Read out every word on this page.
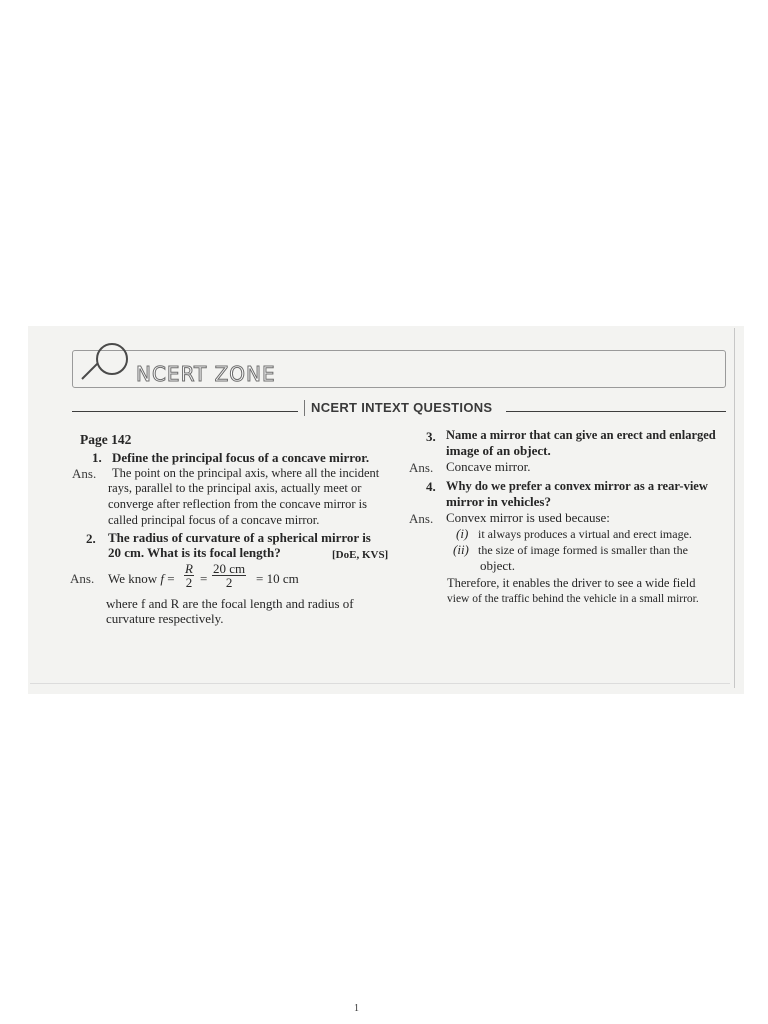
NCERT ZONE
NCERT INTEXT QUESTIONS
Page 142
1. Define the principal focus of a concave mirror.
Ans. The point on the principal axis, where all the incident
rays, parallel to the principal axis, actually meet or
converge after reflection from the concave mirror is
called principal focus of a concave mirror.
2. The radius of curvature of a spherical mirror is
20 cm. What is its focal length?	[DoE, KVS]
Ans. We know $f = \frac{R}{2} = \frac{20 cm}{2} = 10$ cm
where f and R are the focal length and radius of
curvature respectively.
3. Name a mirror that can give an erect and enlarged
image of an object.
Ans. Concave mirror.
4. Why do we prefer a convex mirror as a rear-view
mirror in vehicles?
Ans. Convex mirror is used because:
(i) it always produces a virtual and erect image.
(ii) the size of image formed is smaller than the
object.
Therefore, it enables the driver to see a wide field
view of the traffic behind the vehicle in a small mirror.
1
